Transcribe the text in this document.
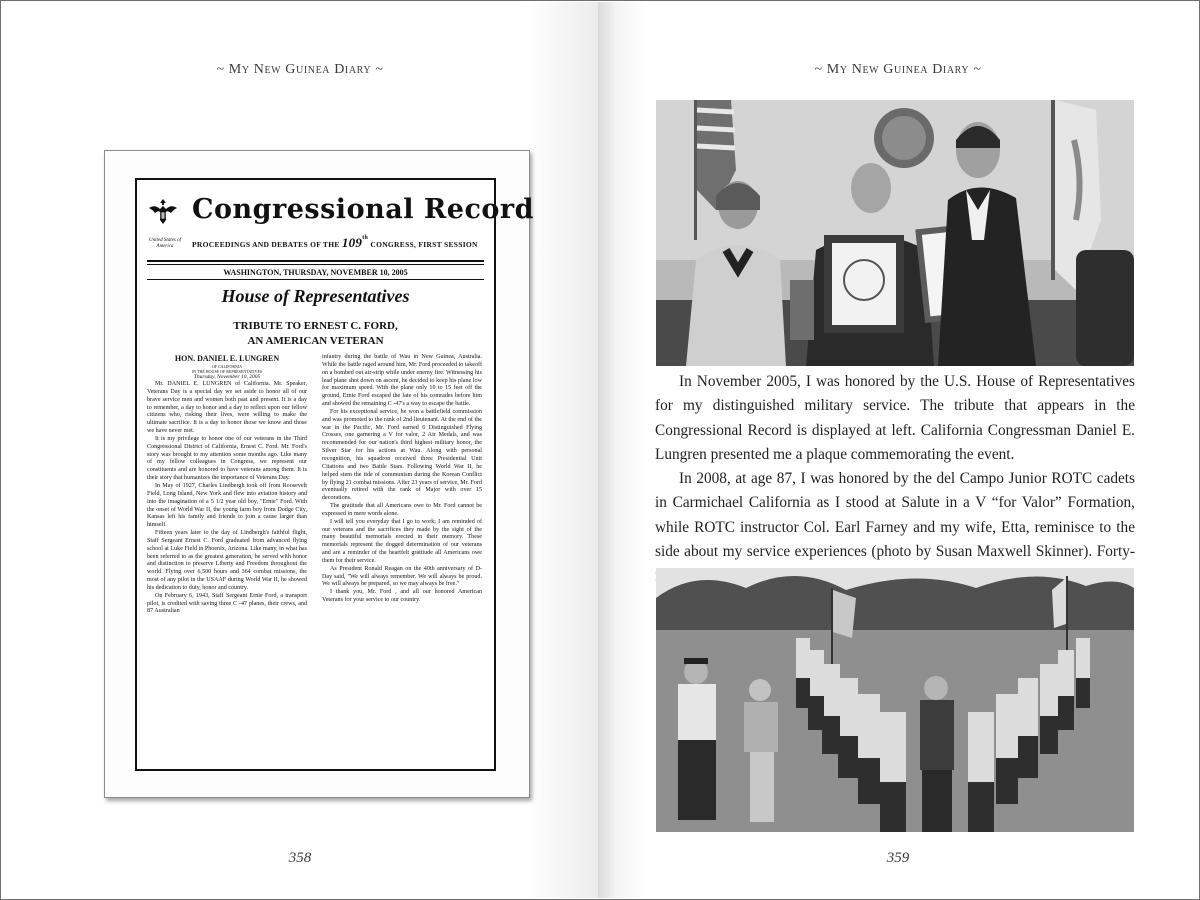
~ My New Guinea Diary ~
United States of America
Congressional Record
PROCEEDINGS AND DEBATES OF THE 109th CONGRESS, FIRST SESSION
WASHINGTON, THURSDAY, NOVEMBER 10, 2005
House of Representatives
TRIBUTE TO ERNEST C. FORD,
AN AMERICAN VETERAN
HON. DANIEL E. LUNGREN
OF CALIFORNIA
IN THE HOUSE OF REPRESENTATIVES
Thursday, November 10, 2005

Mr. DANIEL E. LUNGREN of California. Mr. Speaker, Veterans Day is a special day we set aside to honor all of our brave service men and women both past and present. It is a day to remember, a day to honor and a day to reflect upon our fellow citizens who, risking their lives, were willing to make the ultimate sacrifice. It is a day to honor those we know and those we have never met.

It is my privilege to honor one of our veterans in the Third Congressional District of California, Ernest C. Ford. Mr. Ford's story was brought to my attention some months ago. Like many of my fellow colleagues in Congress, we represent our constituents and are honored to have veterans among them. It is their story that humanizes the importance of Veterans Day.

In May of 1927, Charles Lindbergh took off from Roosevelt Field, Long Island, New York and flew into aviation history and into the imagination of a 5 1/2 year old boy, "Ernie" Ford. With the onset of World War II, the young farm boy from Dodge City, Kansas left his family and friends to join a cause larger than himself.

Fifteen years later to the day of Lindbergh's faithful flight, Staff Sergeant Ernest C. Ford graduated from advanced flying school at Luke Field in Phoenix, Arizona. Like many, in what has been referred to as the greatest generation, he served with honor and distinction to preserve Liberty and Freedom throughout the world. Flying over 6,500 hours and 364 combat missions, the most of any pilot in the USAAF during World War II, he showed his dedication to duty, honor and country.

On February 6, 1943, Staff Sergeant Ernie Ford, a transport pilot, is credited with saving three C -47 planes, their crews, and 87 Australian

infantry during the battle of Wau in New Guinea, Australia. While the battle raged around him, Mr. Ford proceeded to takeoff on a bombed out air-strip while under enemy fire. Witnessing his lead plane shot down on ascent, he decided to keep his plane low for maximum speed. With the plane only 10 to 15 feet off the ground, Ernie Ford escaped the fate of his comrades before him and showed the remaining C -47's a way to escape the battle.

For his exceptional service, he won a battlefield commission and was promoted to the rank of 2nd lieutenant. At the end of the war in the Pacific, Mr. Ford earned 6 Distinguished Flying Crosses, one garnering a V for valor, 2 Air Medals, and was recommended for our nation's third highest military honor, the Silver Star for his actions at Wau. Along with personal recognition, his squadron received three Presidential Unit Citations and two Battle Stars. Following World War II, he helped stem the tide of communism during the Korean Conflict by flying 21 combat missions. After 23 years of service, Mr. Ford eventually retired with the rank of Major with over 15 decorations.

The gratitude that all Americans owe to Mr. Ford cannot be expressed in mere words alone.

I will tell you everyday that I go to work; I am reminded of our veterans and the sacrifices they made by the sight of the many beautiful memorials erected in their memory. These memorials represent the dogged determination of our veterans and are a reminder of the heartfelt gratitude all Americans owe them for their service.

As President Ronald Reagan on the 40th anniversary of D-Day said, "We will always remember. We will always be proud. We will always be prepared, so we may always be free."

I thank you, Mr. Ford , and all our honored American Veterans for your service to our country.

358
~ My New Guinea Diary ~

In November 2005, I was honored by the U.S. House of Representatives for my distinguished military service. The tribute that appears in the Congressional Record is displayed at left. California Congressman Daniel E. Lungren presented me a plaque commemorating the event.

In 2008, at age 87, I was honored by the del Campo Junior ROTC cadets in Carmichael California as I stood at Salute in a V “for Valor” Formation, while ROTC instructor Col. Earl Farney and my wife, Etta, reminisce to the side about my service experiences (photo by Susan Maxwell Skinner). Forty-

359
